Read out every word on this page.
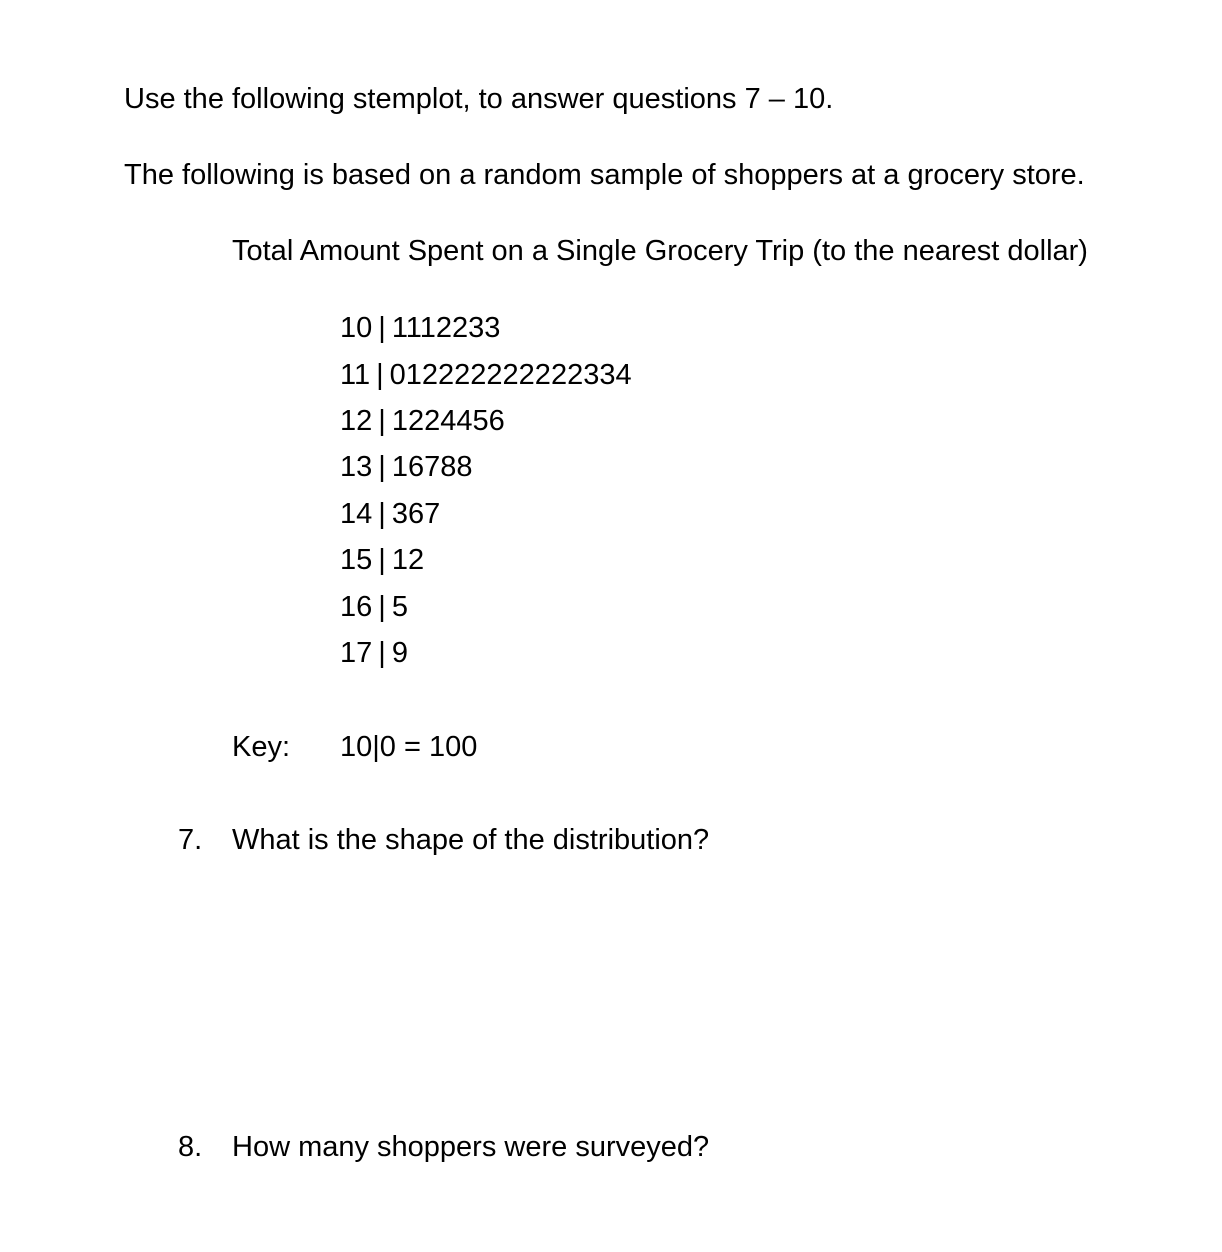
Use the following stemplot, to answer questions 7 – 10.
The following is based on a random sample of shoppers at a grocery store.
Total Amount Spent on a Single Grocery Trip (to the nearest dollar)
10 | 1112233
11 | 012222222222334
12 | 1224456
13 | 16788
14 | 367
15 | 12
16 | 5
17 | 9
Key: 10|0 = 100
7. What is the shape of the distribution?
8. How many shoppers were surveyed?
